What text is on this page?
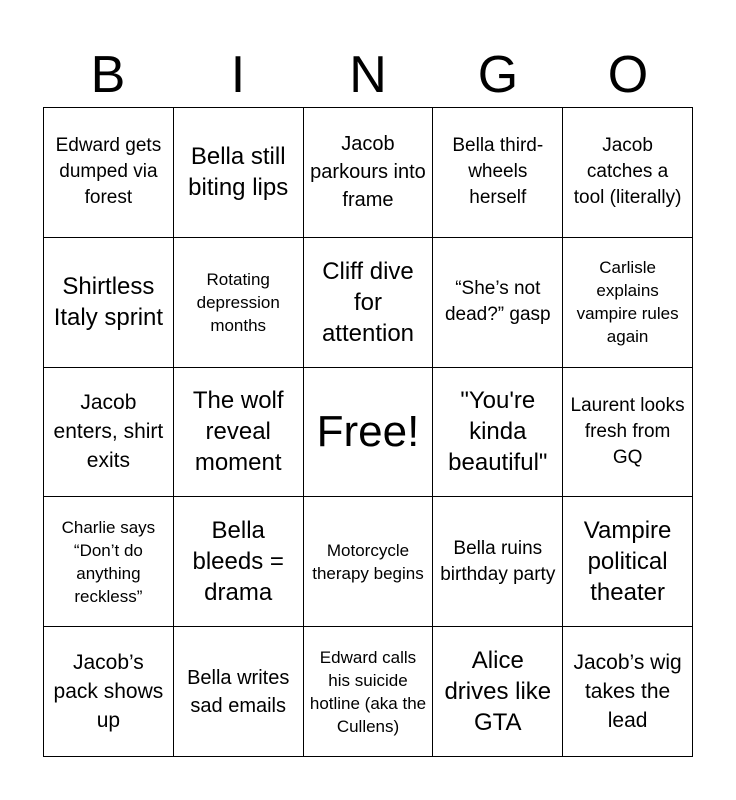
B	I	N	G	O
Edward gets dumped via forest
Bella still biting lips
Jacob parkours into frame
Bella third-wheels herself
Jacob catches a tool (literally)
Shirtless Italy sprint
Rotating depression months
Cliff dive for attention
“She’s not dead?” gasp
Carlisle explains vampire rules again
Jacob enters, shirt exits
The wolf reveal moment
Free!
"You're kinda beautiful"
Laurent looks fresh from GQ
Charlie says “Don’t do anything reckless”
Bella bleeds = drama
Motorcycle therapy begins
Bella ruins birthday party
Vampire political theater
Jacob’s pack shows up
Bella writes sad emails
Edward calls his suicide hotline (aka the Cullens)
Alice drives like GTA
Jacob’s wig takes the lead
